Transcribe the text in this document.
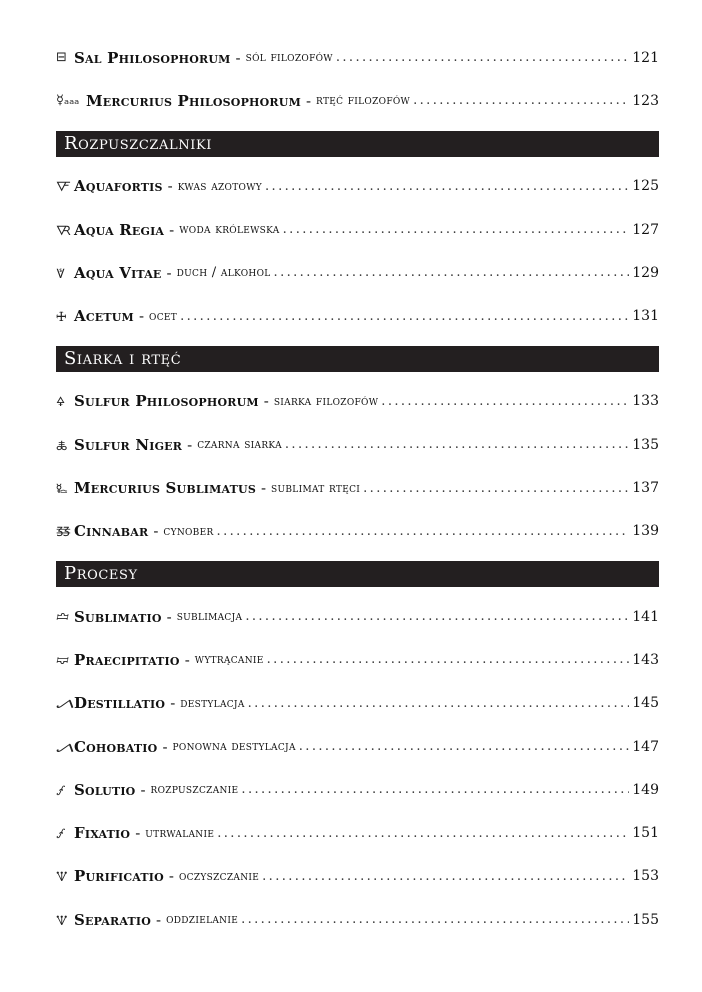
⊟ Sal Philosophorum - sól filozofów .....	121
☿ₐₐₐ Mercurius Philosophorum - rtęć filozofów .....	123
Rozpuszczalniki
🜅 Aquafortis - kwas azotowy .....	125
🜆 Aqua Regia - woda królewska .....	127
🜈 Aqua Vitae - duch / alkohol .....	129
🜊 Acetum - ocet .....	131
Siarka i rtęć
🜍 Sulfur Philosophorum - siarka filozofów .....	133
🜏 Sulfur Niger - czarna siarka .....	135
🜐 Mercurius Sublimatus - sublimat rtęci .....	137
🜓 Cinnabar - cynober .....	139
Procesy
🝞 Sublimatio - sublimacja .....	141
🝟 Praecipitatio - wytrącanie .....	143
🝠 Destillatio - destylacja .....	145
🝠 Cohobatio - ponowna destylacja .....	147
🝡 Solutio - rozpuszczanie .....	149
🝡 Fixatio - utrwalanie .....	151
🝢 Purificatio - oczyszczanie .....	153
🝢 Separatio - oddzielanie .....	155
